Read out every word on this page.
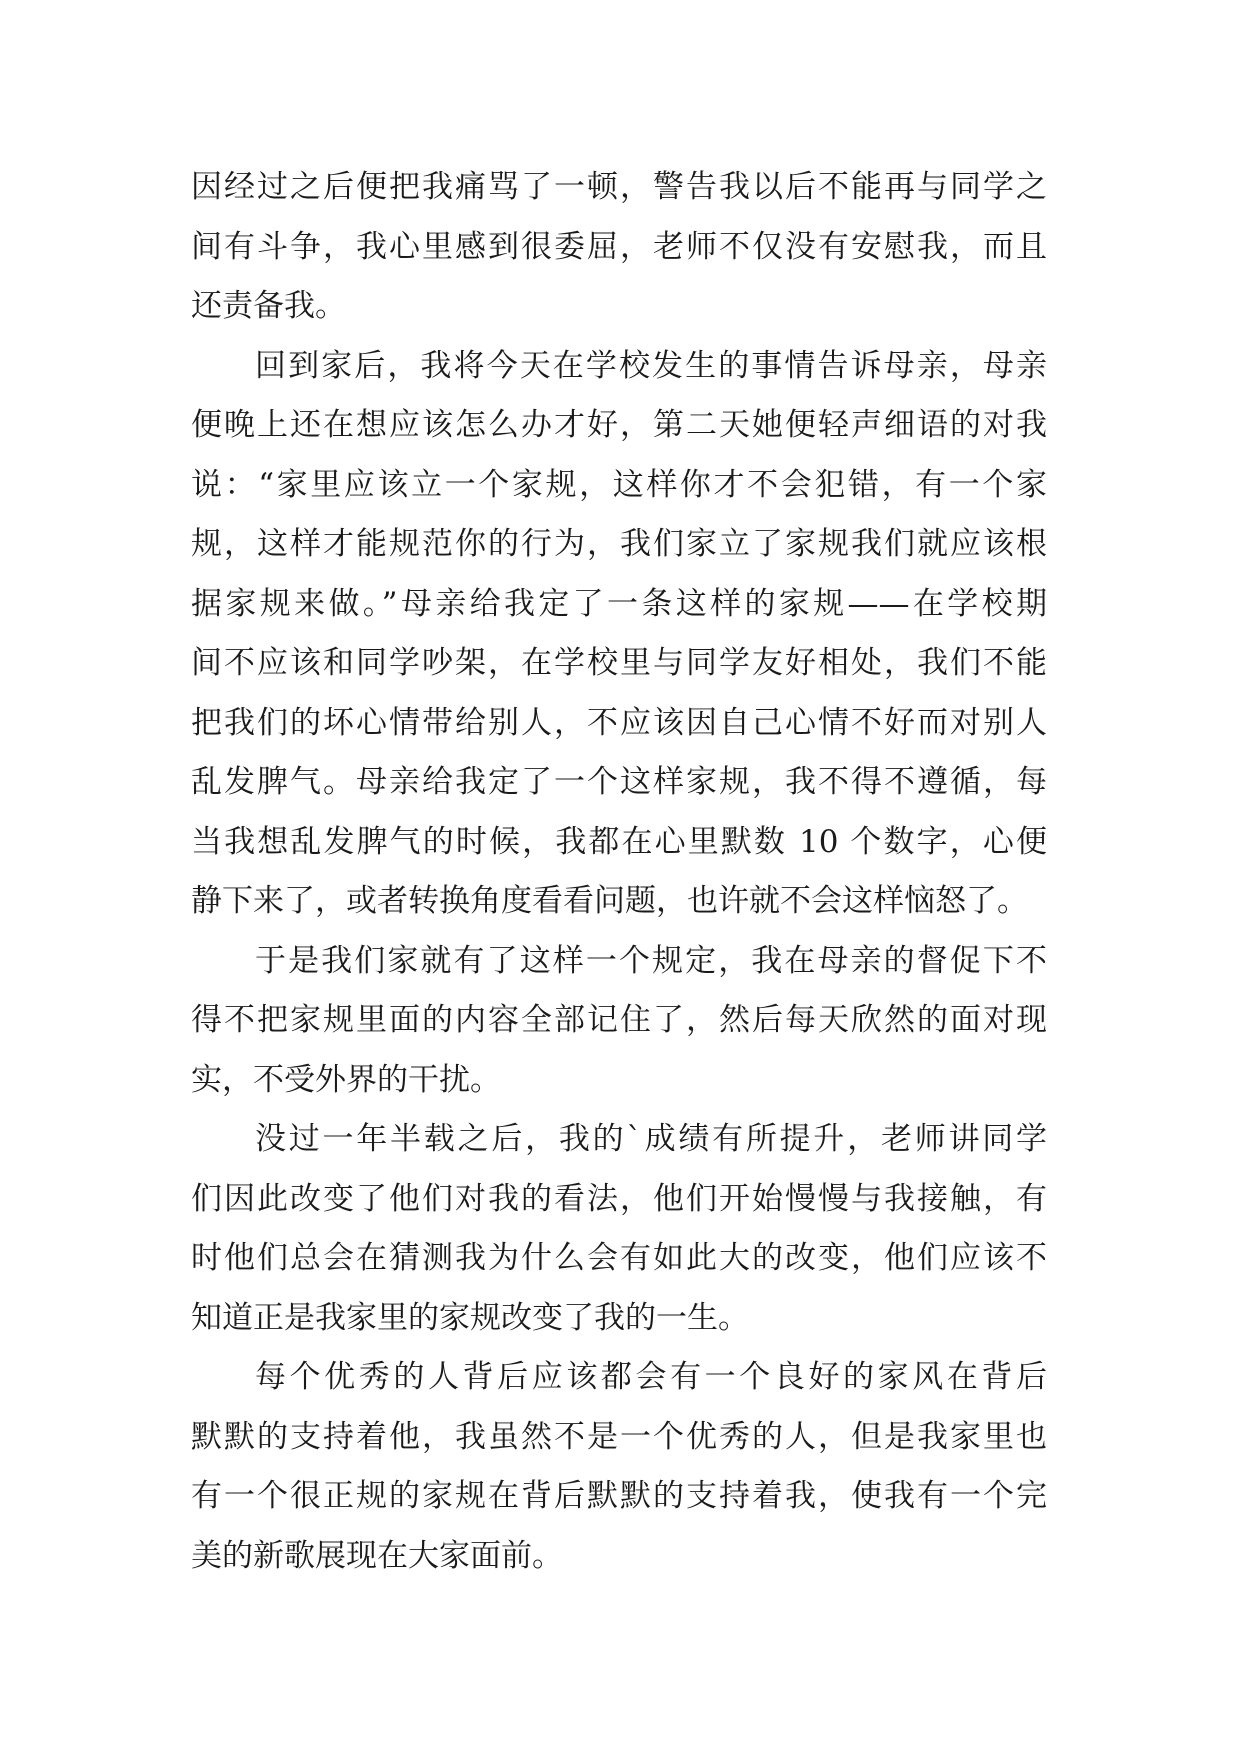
因经过之后便把我痛骂了一顿，警告我以后不能再与同学之
间有斗争，我心里感到很委屈，老师不仅没有安慰我，而且
还责备我。
回到家后，我将今天在学校发生的事情告诉母亲，母亲
便晚上还在想应该怎么办才好，第二天她便轻声细语的对我
说：“家里应该立一个家规，这样你才不会犯错，有一个家
规，这样才能规范你的行为，我们家立了家规我们就应该根
据家规来做。”母亲给我定了一条这样的家规——在学校期
间不应该和同学吵架，在学校里与同学友好相处，我们不能
把我们的坏心情带给别人，不应该因自己心情不好而对别人
乱发脾气。母亲给我定了一个这样家规，我不得不遵循，每
当我想乱发脾气的时候，我都在心里默数 10 个数字，心便
静下来了，或者转换角度看看问题，也许就不会这样恼怒了。
于是我们家就有了这样一个规定，我在母亲的督促下不
得不把家规里面的内容全部记住了，然后每天欣然的面对现
实，不受外界的干扰。
没过一年半载之后，我的`成绩有所提升，老师讲同学
们因此改变了他们对我的看法，他们开始慢慢与我接触，有
时他们总会在猜测我为什么会有如此大的改变，他们应该不
知道正是我家里的家规改变了我的一生。
每个优秀的人背后应该都会有一个良好的家风在背后
默默的支持着他，我虽然不是一个优秀的人，但是我家里也
有一个很正规的家规在背后默默的支持着我，使我有一个完
美的新歌展现在大家面前。
